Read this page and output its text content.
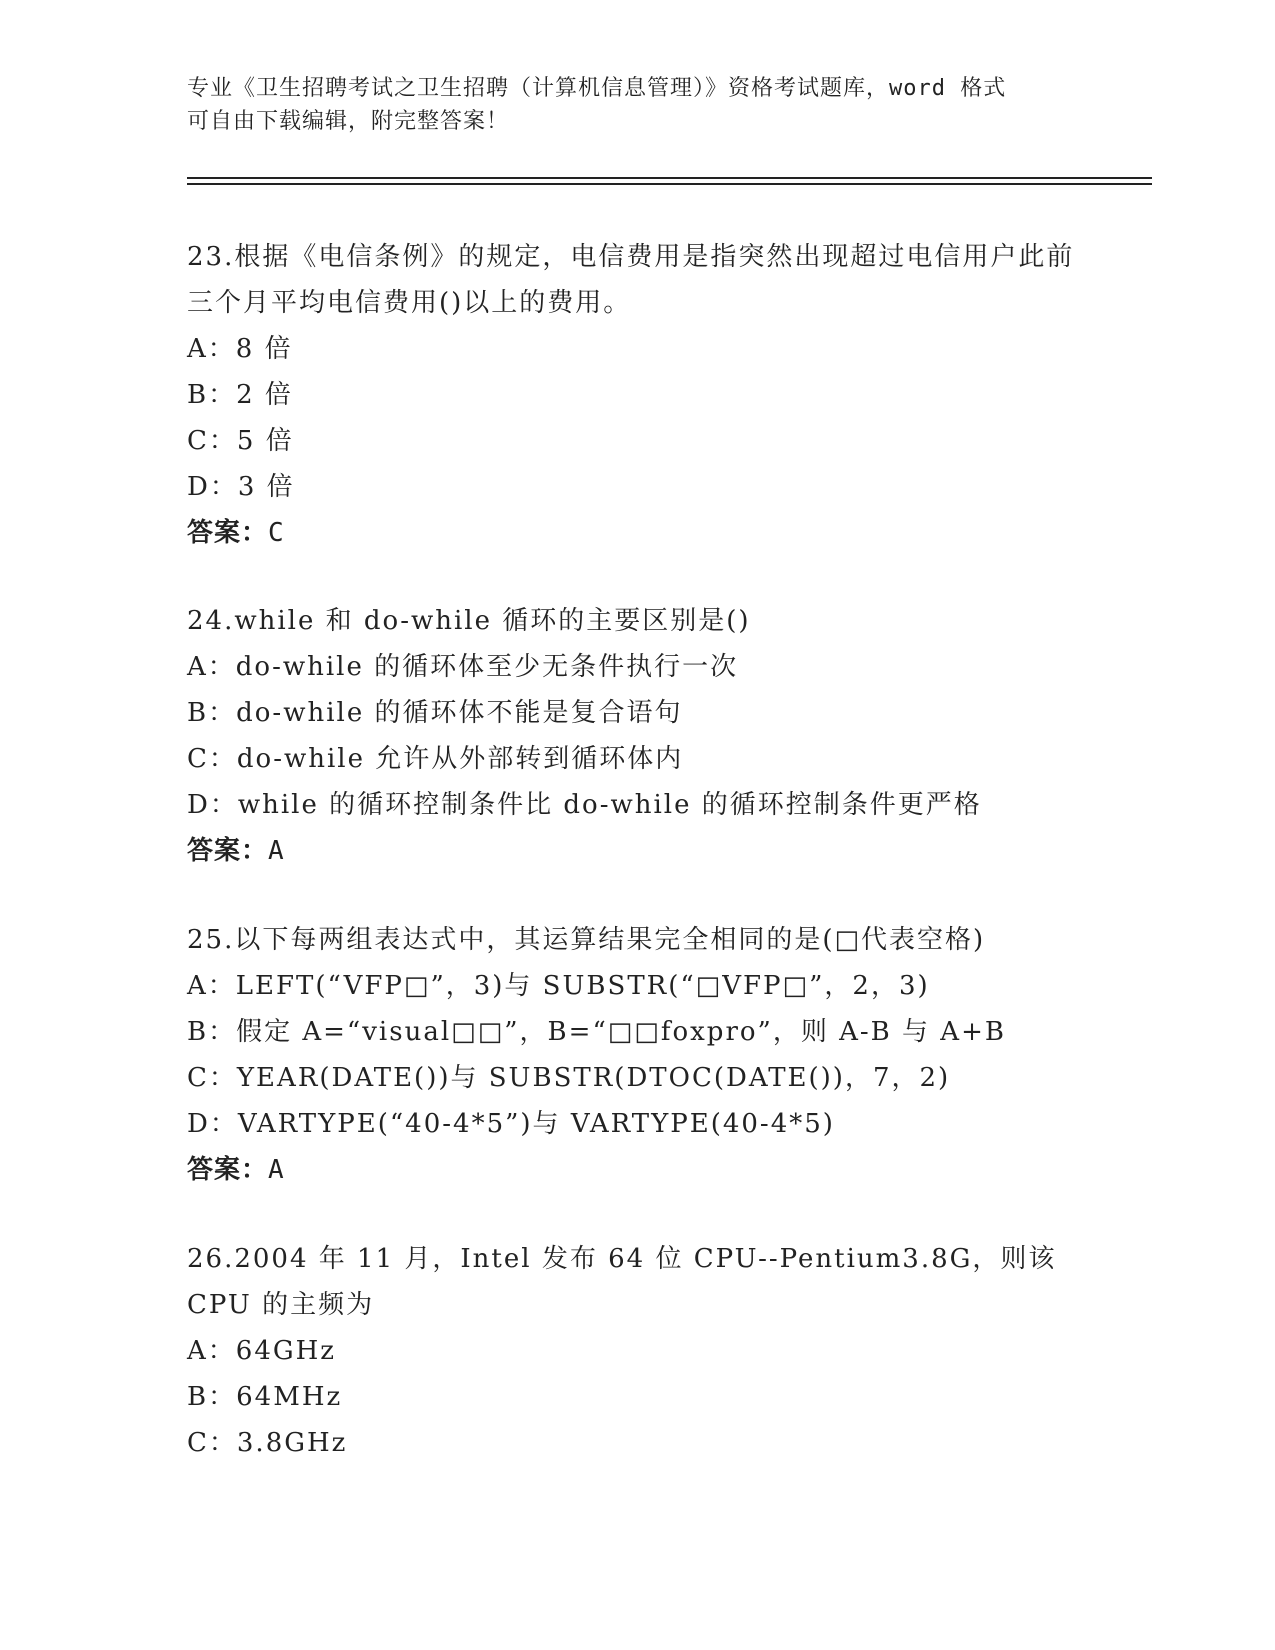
专业《卫生招聘考试之卫生招聘（计算机信息管理）》资格考试题库，word 格式
可自由下载编辑，附完整答案！
23.根据《电信条例》的规定，电信费用是指突然出现超过电信用户此前三个月平均电信费用()以上的费用。
A：8 倍
B：2 倍
C：5 倍
D：3 倍
答案：C
24.while 和 do-while 循环的主要区别是()
A：do-while 的循环体至少无条件执行一次
B：do-while 的循环体不能是复合语句
C：do-while 允许从外部转到循环体内
D：while 的循环控制条件比 do-while 的循环控制条件更严格
答案：A
25.以下每两组表达式中，其运算结果完全相同的是(□代表空格)
A：LEFT(“VFP□”，3)与 SUBSTR(“□VFP□”，2，3)
B：假定 A=“visual□□”，B=“□□foxpro”，则 A-B 与 A+B
C：YEAR(DATE())与 SUBSTR(DTOC(DATE())，7，2)
D：VARTYPE(“40-4*5”)与 VARTYPE(40-4*5)
答案：A
26.2004 年 11 月，Intel 发布 64 位 CPU--Pentium3.8G，则该 CPU 的主频为
A：64GHz
B：64MHz
C：3.8GHz
